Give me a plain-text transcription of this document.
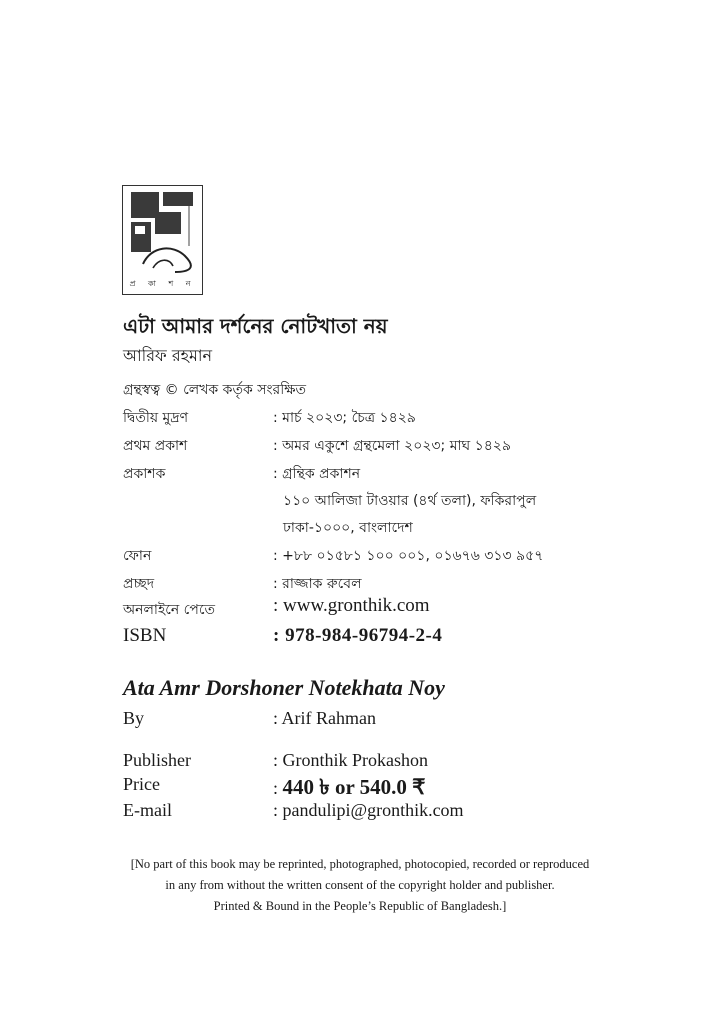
প্র কা শ ন
এটা আমার দর্শনের নোটখাতা নয়
আরিফ রহমান
গ্রন্থস্বত্ব © লেখক কর্তৃক সংরক্ষিত
দ্বিতীয় মুদ্রণ	: মার্চ ২০২৩; চৈত্র ১৪২৯
প্রথম প্রকাশ	: অমর একুশে গ্রন্থমেলা ২০২৩; মাঘ ১৪২৯
প্রকাশক	: গ্রন্থিক প্রকাশন
১১০ আলিজা টাওয়ার (৪র্থ তলা), ফকিরাপুল
ঢাকা-১০০০, বাংলাদেশ
ফোন	: +৮৮ ০১৫৮১ ১০০ ০০১, ০১৬৭৬ ৩১৩ ৯৫৭
প্রচ্ছদ	: রাজ্জাক রুবেল
অনলাইনে পেতে	: www.gronthik.com
ISBN	: 978-984-96794-2-4
Ata Amr Dorshoner Notekhata Noy
By	: Arif Rahman
Publisher	: Gronthik Prokashon
Price	: 440 ৳ or 540.0 ₹
E-mail	: pandulipi@gronthik.com
[No part of this book may be reprinted, photographed, photocopied, recorded or reproduced
in any from without the written consent of the copyright holder and publisher.
Printed & Bound in the People’s Republic of Bangladesh.]
